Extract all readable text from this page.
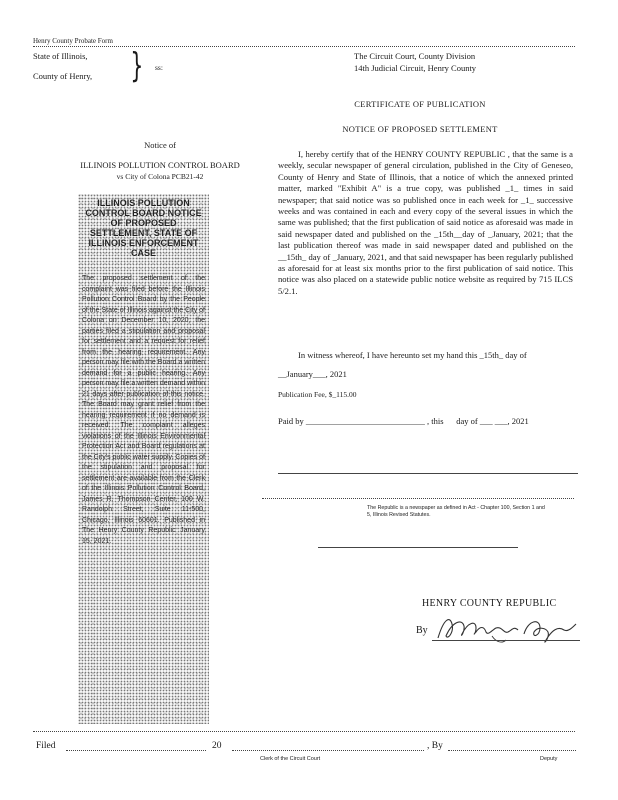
Henry County Probate Form
State of Illinois,
County of Henry, } ss:
The Circuit Court, County Division
14th Judicial Circuit, Henry County
CERTIFICATE OF PUBLICATION
NOTICE OF PROPOSED SETTLEMENT
Notice of
ILLINOIS POLLUTION CONTROL BOARD
vs City of Colona PCB21-42
ILLINOIS POLLUTION CONTROL BOARD NOTICE OF PROPOSED SETTLEMENT, STATE OF ILLINOIS ENFORCEMENT CASE
The proposed settlement of the complaint was filed before the Illinois Pollution Control Board by the People of the State of Illinois against the City of Colona on December 10, 2020, the parties filed a stipulation and proposal for settlement and a request for relief from the hearing requirement. Any person may file with the Board a written demand for a public hearing. Any person may file a written demand within 21 days after publication of this notice. The Board may grant relief from the hearing requirement if no demand is received. The complaint alleges violations of the Illinois Environmental Protection Act and Board regulations at the City's public water supply. Copies of the stipulation and proposal for settlement are available from the Clerk of the Illinois Pollution Control Board, James R. Thompson Center, 100 W. Randolph Street, Suite 11-500, Chicago, Illinois 60601. Published in The Henry County Republic January 15, 2021.
I, hereby certify that of the HENRY COUNTY REPUBLIC , that the same is a weekly, secular newspaper of general circulation, published in the City of Geneseo, County of Henry and State of Illinois, that a notice of which the annexed printed matter, marked "Exhibit A" is a true copy, was published _1_ times in said newspaper; that said notice was so published once in each week for _1_ successive weeks and was contained in each and every copy of the several issues in which the same was published; that the first publication of said notice as aforesaid was made in said newspaper dated and published on the _15th__day of _January, 2021; that the last publication thereof was made in said newspaper dated and published on the __15th_ day of _January, 2021, and that said newspaper has been regularly published as aforesaid for at least six months prior to the first publication of said notice. This notice was also placed on a statewide public notice website as required by 715 ILCS 5/2.1.
In witness whereof, I have hereunto set my hand this _15th_ day of
__January___, 2021
Publication Fee, $_115.00
Paid by ____________________________ , this      day of ___ ___, 2021
The Republic is a newspaper as defined in Act - Chapter 100, Section 1 and 5, Illinois Revised Statutes.
HENRY COUNTY REPUBLIC
By
Filed	20	, By
Clerk of the Circuit Court	Deputy
